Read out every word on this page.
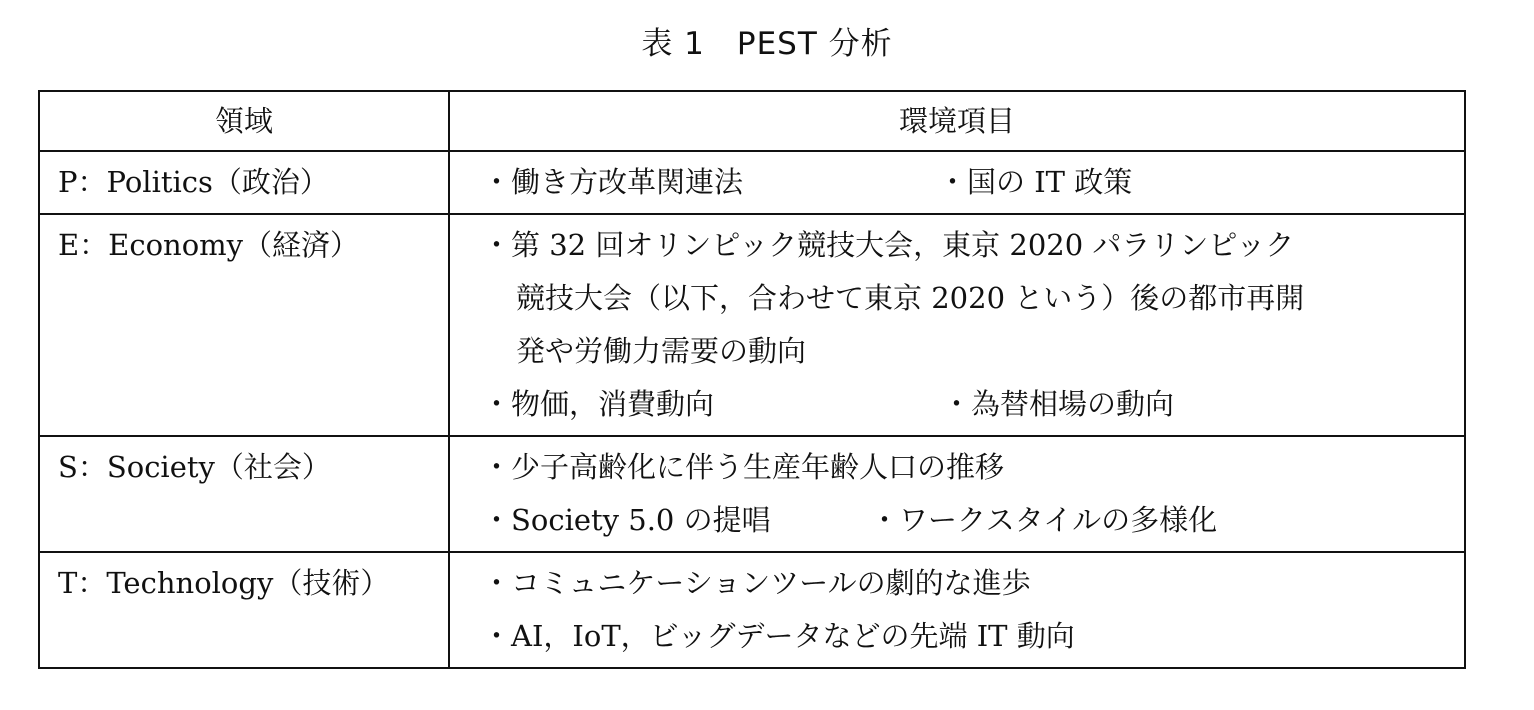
表 1　PEST 分析
領域	環境項目
P：Politics（政治）	・働き方改革関連法 ・国の IT 政策

E：Economy（経済）	・第 32 回オリンピック競技大会，東京 2020 パラリンピック
競技大会（以下，合わせて東京 2020 という）後の都市再開
発や労働力需要の動向
・物価，消費動向 ・為替相場の動向

S：Society（社会）	・少子高齢化に伴う生産年齢人口の推移
・Society 5.0 の提唱 ・ワークスタイルの多様化

T：Technology（技術）	・コミュニケーションツールの劇的な進歩
・AI，IoT，ビッグデータなどの先端 IT 動向
